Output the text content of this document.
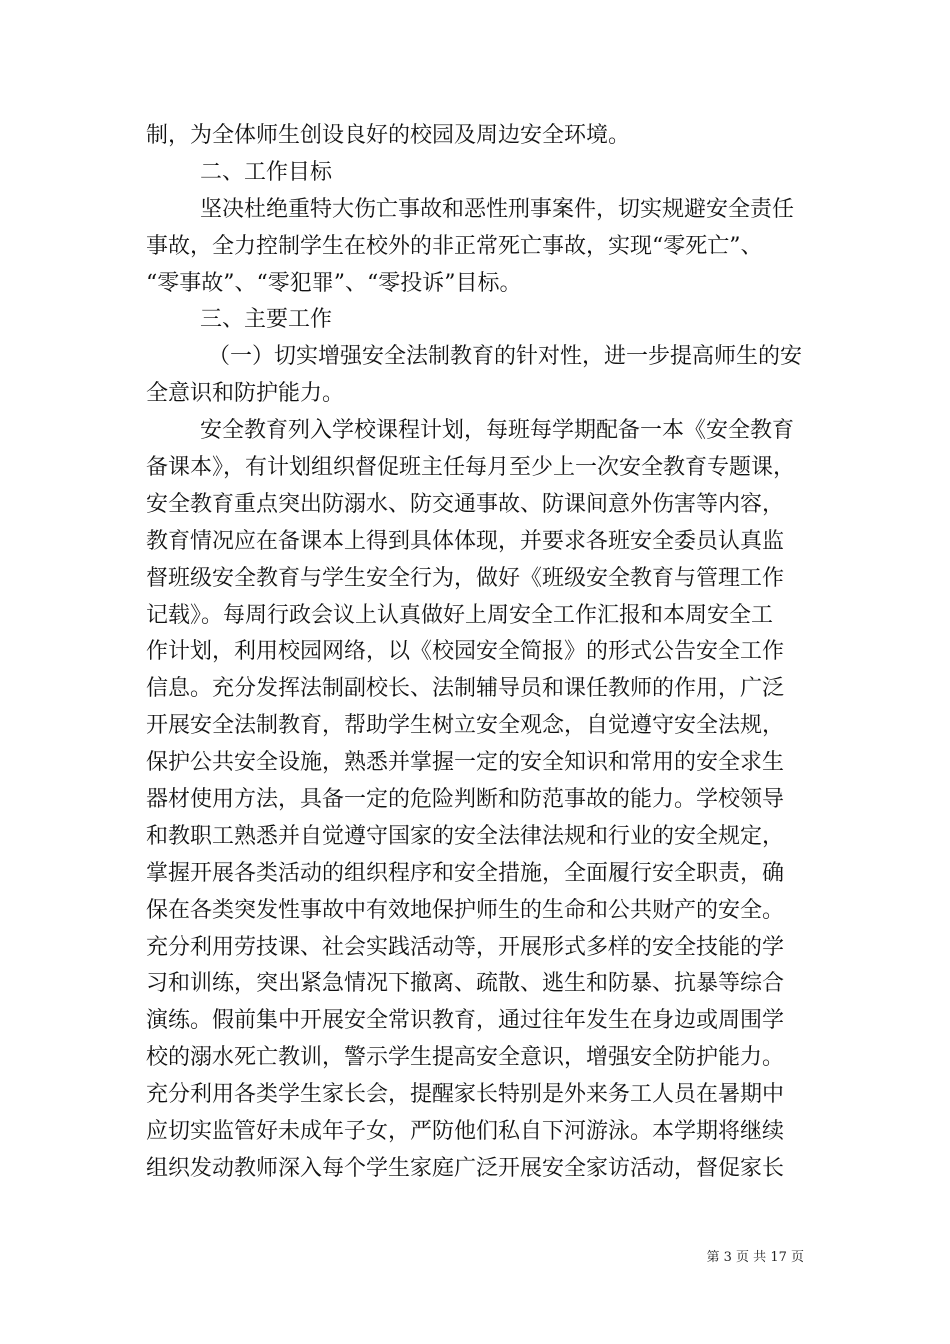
制，为全体师生创设良好的校园及周边安全环境。
二、工作目标
坚决杜绝重特大伤亡事故和恶性刑事案件，切实规避安全责任
事故，全力控制学生在校外的非正常死亡事故，实现“零死亡”、
“零事故”、“零犯罪”、“零投诉”目标。
三、主要工作
（一）切实增强安全法制教育的针对性，进一步提高师生的安
全意识和防护能力。
安全教育列入学校课程计划，每班每学期配备一本《安全教育
备课本》，有计划组织督促班主任每月至少上一次安全教育专题课，
安全教育重点突出防溺水、防交通事故、防课间意外伤害等内容，
教育情况应在备课本上得到具体体现，并要求各班安全委员认真监
督班级安全教育与学生安全行为，做好《班级安全教育与管理工作
记载》。每周行政会议上认真做好上周安全工作汇报和本周安全工
作计划，利用校园网络，以《校园安全简报》的形式公告安全工作
信息。充分发挥法制副校长、法制辅导员和课任教师的作用，广泛
开展安全法制教育，帮助学生树立安全观念，自觉遵守安全法规，
保护公共安全设施，熟悉并掌握一定的安全知识和常用的安全求生
器材使用方法，具备一定的危险判断和防范事故的能力。学校领导
和教职工熟悉并自觉遵守国家的安全法律法规和行业的安全规定，
掌握开展各类活动的组织程序和安全措施，全面履行安全职责，确
保在各类突发性事故中有效地保护师生的生命和公共财产的安全。
充分利用劳技课、社会实践活动等，开展形式多样的安全技能的学
习和训练，突出紧急情况下撤离、疏散、逃生和防暴、抗暴等综合
演练。假前集中开展安全常识教育，通过往年发生在身边或周围学
校的溺水死亡教训，警示学生提高安全意识，增强安全防护能力。
充分利用各类学生家长会，提醒家长特别是外来务工人员在暑期中
应切实监管好未成年子女，严防他们私自下河游泳。本学期将继续
组织发动教师深入每个学生家庭广泛开展安全家访活动，督促家长
第 3 页 共 17 页
